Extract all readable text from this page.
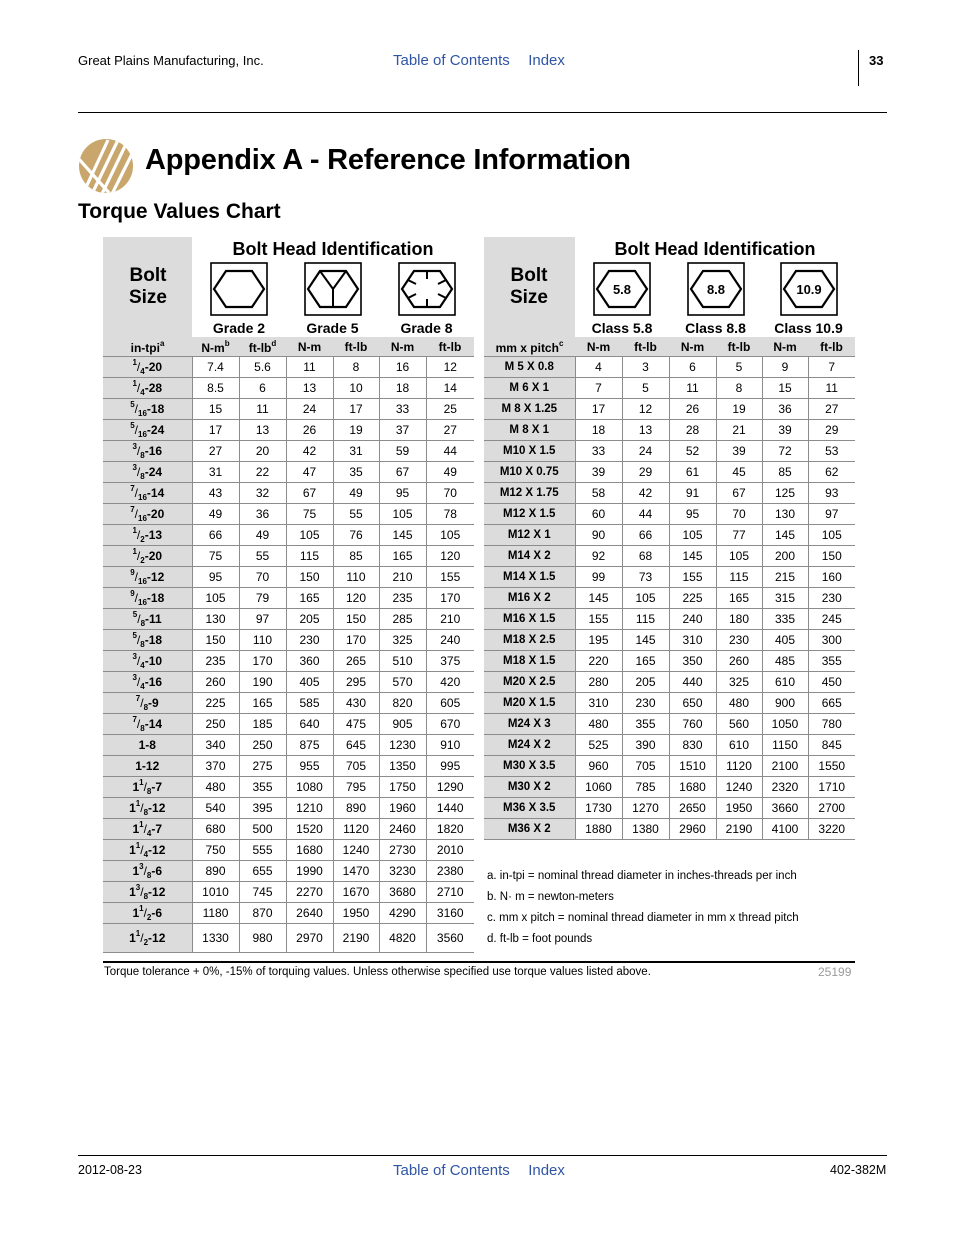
Great Plains Manufacturing, Inc.	Table of Contents Index	33
Appendix A - Reference Information
Torque Values Chart
Bolt Size	Bolt Head Identification					

	Grade 2		Grade 5		Grade 8	

in-tpi$^a$	$N-m^b$	$ft-lb^d$	N-m	ft-lb	N-m	ft-lb
$^1/_4-20$	7.4	5.6	11	8	16	12
$^1/_4-28$	8.5	6	13	10	18	14
$^5/_{16}-18$	15	11	24	17	33	25
$^5/_{16}-24$	17	13	26	19	37	27
$^3/_8-16$	27	20	42	31	59	44
$^3/_8-24$	31	22	47	35	67	49
$^7/_{16}-14$	43	32	67	49	95	70
$^7/_{16}-20$	49	36	75	55	105	78
$^1/_2-13$	66	49	105	76	145	105
$^1/_2-20$	75	55	115	85	165	120
$^9/_{16}-12$	95	70	150	110	210	155
$^9/_{16}-18$	105	79	165	120	235	170
$^5/_8-11$	130	97	205	150	285	210
$^5/_8-18$	150	110	230	170	325	240
$^3/_4-10$	235	170	360	265	510	375
$^3/_4-16$	260	190	405	295	570	420
$^7/_8-9$	225	165	585	430	820	605
$^7/_8-14$	250	185	640	475	905	670
1-8	340	250	875	645	1230	910
1-12	370	275	955	705	1350	995
$1^1/_8-7$	480	355	1080	795	1750	1290
$1^1/_8-12$	540	395	1210	890	1960	1440
$1^1/_4-7$	680	500	1520	1120	2460	1820
$1^1/_4-12$	750	555	1680	1240	2730	2010
$1^3/_8-6$	890	655	1990	1470	3230	2380
$1^3/_8-12$	1010	745	2270	1670	3680	2710
$1^1/_2-6$	1180	870	2640	1950	4290	3160
$1^1/_2-12$	1330	980	2970	2190	4820	3560
Bolt Size	Bolt Head Identification					

5.8		8.8		10.9	

	Class 5.8		Class 8.8		Class 10.9	

mm x pitch$^c$	N-m	ft-lb	N-m	ft-lb	N-m	ft-lb
M 5 X 0.8	4	3	6	5	9	7
M 6 X 1	7	5	11	8	15	11
M 8 X 1.25	17	12	26	19	36	27
M 8 X 1	18	13	28	21	39	29
M10 X 1.5	33	24	52	39	72	53
M10 X 0.75	39	29	61	45	85	62
M12 X 1.75	58	42	91	67	125	93
M12 X 1.5	60	44	95	70	130	97
M12 X 1	90	66	105	77	145	105
M14 X 2	92	68	145	105	200	150
M14 X 1.5	99	73	155	115	215	160
M16 X 2	145	105	225	165	315	230
M16 X 1.5	155	115	240	180	335	245
M18 X 2.5	195	145	310	230	405	300
M18 X 1.5	220	165	350	260	485	355
M20 X 2.5	280	205	440	325	610	450
M20 X 1.5	310	230	650	480	900	665
M24 X 3	480	355	760	560	1050	780
M24 X 2	525	390	830	610	1150	845
M30 X 3.5	960	705	1510	1120	2100	1550
M30 X 2	1060	785	1680	1240	2320	1710
M36 X 3.5	1730	1270	2650	1950	3660	2700
M36 X 2	1880	1380	2960	2190	4100	3220
a. in-tpi = nominal thread diameter in inches-threads per inch
b. N· m = newton-meters
c. mm x pitch = nominal thread diameter in mm x thread pitch
d. ft-lb = foot pounds
Torque tolerance + 0%, -15% of torquing values. Unless otherwise specified use torque values listed above.	25199
2012-08-23	Table of Contents Index	402-382M
